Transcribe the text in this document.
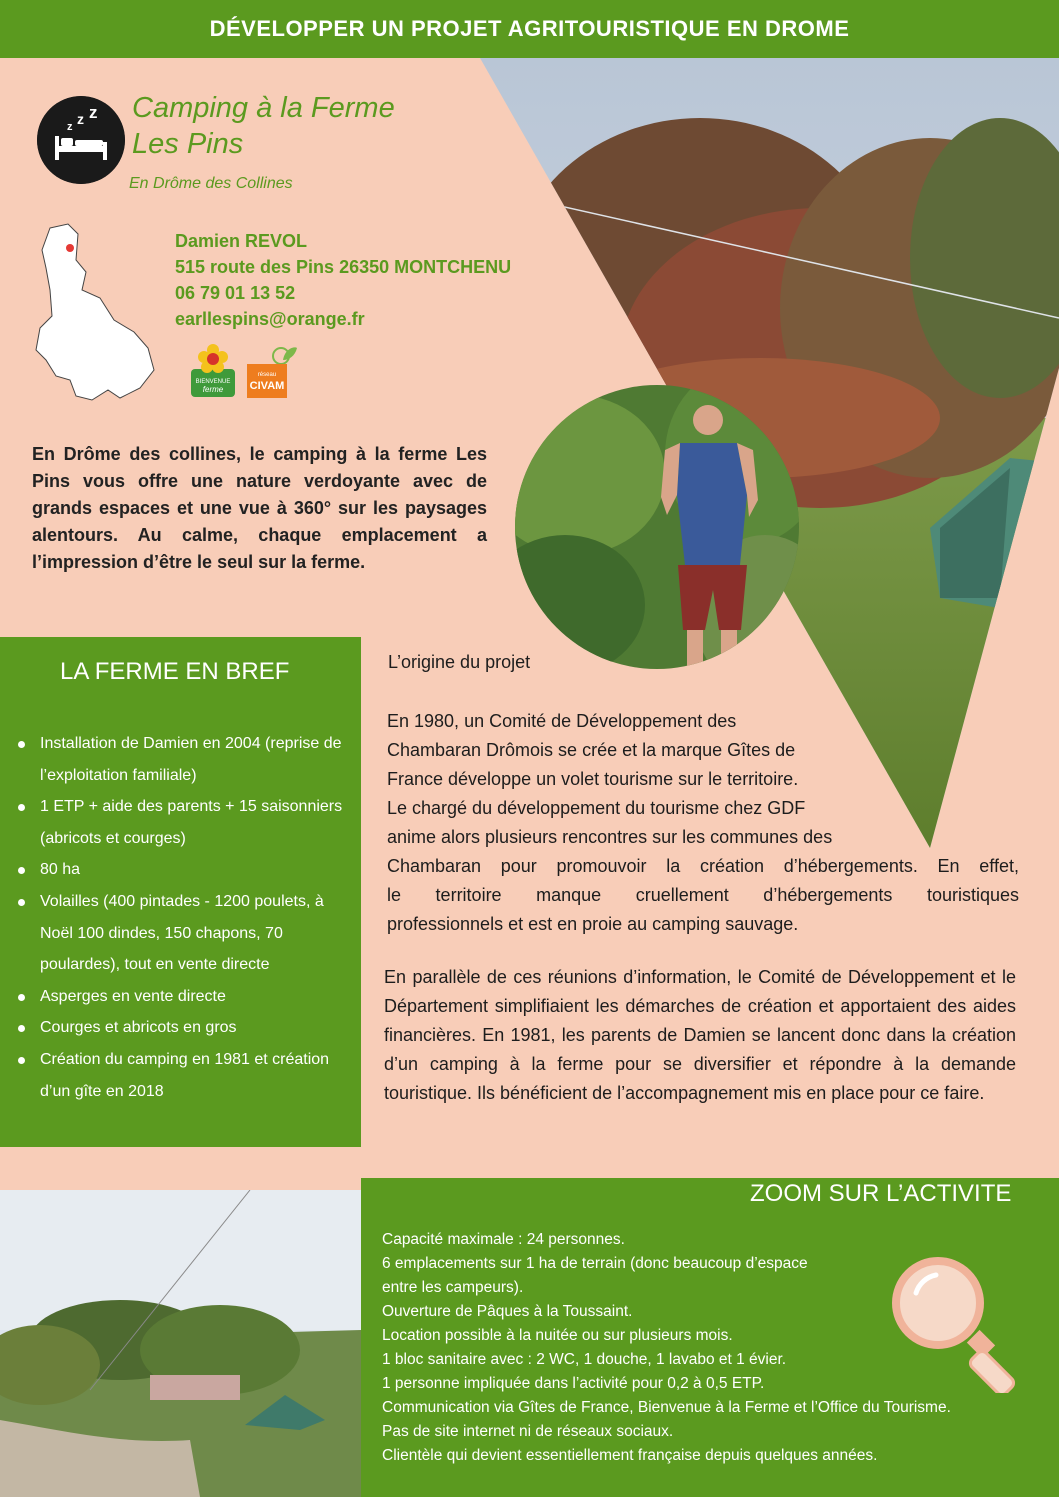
DÉVELOPPER UN PROJET AGRITOURISTIQUE EN DROME
z z z Camping à la Ferme
Les Pins
En Drôme des Collines
Damien REVOL
515 route des Pins 26350 MONTCHENU
06 79 01 13 52
earllespins@orange.fr
BIENVENUE
ferme
réseau
CIVAM
En Drôme des collines, le camping à la ferme Les Pins vous offre une nature verdoyante avec de grands espaces et une vue à 360° sur les paysages alentours. Au calme, chaque emplacement a l’impression d’être le seul sur la ferme.
LA FERME EN BREF
Installation de Damien en 2004 (reprise de l’exploitation familiale)
1 ETP + aide des parents + 15 saisonniers (abricots et courges)
80 ha
Volailles (400 pintades - 1200 poulets, à Noël 100 dindes, 150 chapons, 70 poulardes), tout en vente directe
Asperges en vente directe
Courges et abricots en gros
Création du camping en 1981 et création d’un gîte en 2018
L’origine du projet
En 1980, un Comité de Développement des
Chambaran Drômois se crée et la marque Gîtes de
France développe un volet tourisme sur le territoire.
Le chargé du développement du tourisme chez GDF
anime alors plusieurs rencontres sur les communes des
Chambaran pour promouvoir la création d’hébergements. En effet,
le territoire manque cruellement d’hébergements touristiques
professionnels et est en proie au camping sauvage.
En parallèle de ces réunions d’information, le Comité de Développement et le Département simplifiaient les démarches de création et apportaient des aides financières. En 1981, les parents de Damien se lancent donc dans la création d’un camping à la ferme pour se diversifier et répondre à la demande touristique. Ils bénéficient de l’accompagnement mis en place pour ce faire.
ZOOM SUR L’ACTIVITE
Capacité maximale : 24 personnes.
6 emplacements sur 1 ha de terrain (donc beaucoup d’espace
entre les campeurs).
Ouverture de Pâques à la Toussaint.
Location possible à la nuitée ou sur plusieurs mois.
1 bloc sanitaire avec : 2 WC, 1 douche, 1 lavabo et 1 évier.
1 personne impliquée dans l’activité pour 0,2 à 0,5 ETP.
Communication via Gîtes de France, Bienvenue à la Ferme et l’Office du Tourisme.
Pas de site internet ni de réseaux sociaux.
Clientèle qui devient essentiellement française depuis quelques années.
